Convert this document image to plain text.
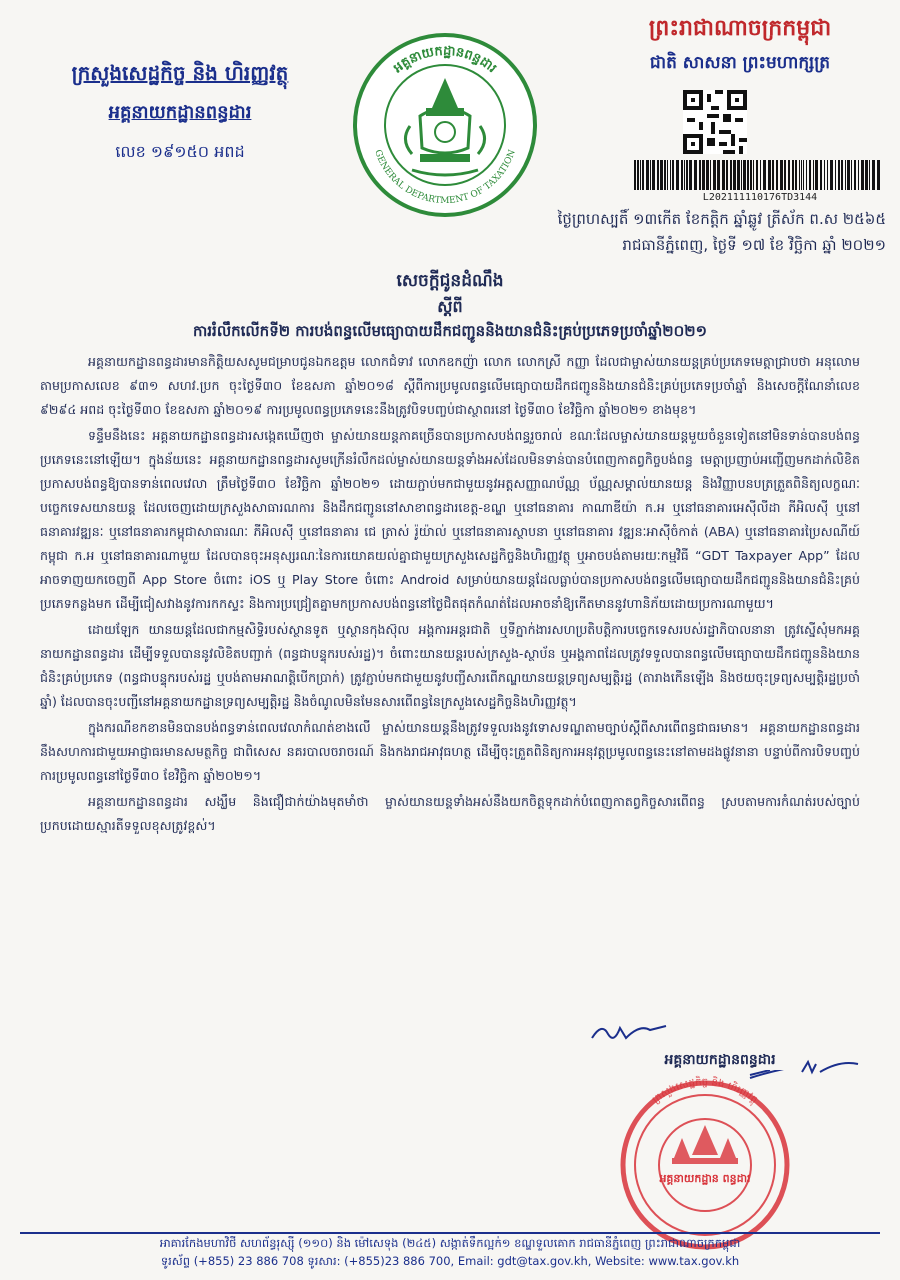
ក្រសួងសេដ្ឋកិច្ច និង ហិរញ្ញវត្ថុ
អគ្គនាយកដ្ឋានពន្ធដារ
លេខ ១៩១៥០ អពដ
អគ្គនាយកដ្ឋានពន្ធដារ
GENERAL DEPARTMENT OF TAXATION
ព្រះរាជាណាចក្រកម្ពុជា
ជាតិ សាសនា ព្រះមហាក្សត្រ
L202111110176TD3144
ថ្ងៃព្រហស្បតិ៍ ១៣កើត ខែកត្តិក ឆ្នាំឆ្លូវ ត្រីស័ក ព.ស ២៥៦៥
រាជធានីភ្នំពេញ, ថ្ងៃទី ១៧ ខែ វិច្ឆិកា ឆ្នាំ ២០២១
សេចក្តីជូនដំណឹង
ស្តីពី
ការរំលឹកលើកទី២ ការបង់ពន្ធលើមធ្យោបាយដឹកជញ្ជូននិងយានជំនិះគ្រប់ប្រភេទប្រចាំឆ្នាំ២០២១

អគ្គនាយកដ្ឋានពន្ធដារមានកិត្តិយសសូមជម្រាបជូនឯកឧត្តម លោកជំទាវ លោកឧកញ៉ា លោក លោកស្រី កញ្ញា ដែលជាម្ចាស់យានយន្តគ្រប់ប្រភេទមេត្តាជ្រាបថា អនុលោមតាមប្រកាសលេខ ៩៣១ សហវ.ប្រក ចុះថ្ងៃទី៣០ ខែឧសភា ឆ្នាំ២០១៨ ស្តីពីការប្រមូលពន្ធលើមធ្យោបាយដឹកជញ្ជូននិងយានជំនិះគ្រប់ប្រភេទប្រចាំឆ្នាំ និងសេចក្តីណែនាំលេខ ៩២៩៤ អពដ ចុះថ្ងៃទី៣០ ខែឧសភា ឆ្នាំ២០១៩ ការប្រមូលពន្ធប្រភេទនេះនឹងត្រូវបិទបញ្ចប់ជាស្ថាពរនៅ ថ្ងៃទី៣០ ខែវិច្ឆិកា ឆ្នាំ២០២១ ខាងមុខ។

ទន្ទឹមនឹងនេះ អគ្គនាយកដ្ឋានពន្ធដារសង្កេតឃើញថា ម្ចាស់យានយន្តភាគច្រើនបានប្រកាសបង់ពន្ធរួចរាល់ ខណៈដែលម្ចាស់យានយន្តមួយចំនួនទៀតនៅមិនទាន់បានបង់ពន្ធប្រភេទនេះនៅឡើយ។ ក្នុងន័យនេះ អគ្គនាយកដ្ឋានពន្ធដារសូមក្រើនរំលឹកដល់ម្ចាស់យានយន្តទាំងអស់ដែលមិនទាន់បានបំពេញកាតព្វកិច្ចបង់ពន្ធ មេត្តាប្រញាប់អញ្ជើញមកដាក់លិខិតប្រកាសបង់ពន្ធឱ្យបានទាន់ពេលវេលា ត្រឹមថ្ងៃទី៣០ ខែវិច្ឆិកា ឆ្នាំ២០២១ ដោយភ្ជាប់មកជាមួយនូវអត្តសញ្ញាណប័ណ្ណ ប័ណ្ណសម្គាល់យានយន្ត និងវិញ្ញាបនបត្រត្រួតពិនិត្យលក្ខណៈបច្ចេកទេសយានយន្ត ដែលចេញដោយក្រសួងសាធារណការ និងដឹកជញ្ជូននៅសាខាពន្ធដារខេត្ត-ខណ្ឌ ឬនៅធនាគារ កាណាឌីយ៉ា ក.អ ឬនៅធនាគារអេស៊ីលីដា ភីអិលស៊ី ឬនៅធនាគារវឌ្ឍនៈ ឬនៅធនាគារកម្ពុជាសាធារណៈ ភីអិលស៊ី ឬនៅធនាគារ ជេ ត្រាស់ រ៉ូយ៉ាល់ ឬនៅធនាគារស្ថាបនា ឬនៅធនាគារ វឌ្ឍនៈអាស៊ីចំកាត់ (ABA) ឬនៅធនាគារប្រៃសណីយ៍កម្ពុជា ក.អ ឬនៅធនាគារណាមួយ ដែលបានចុះអនុស្សរណៈនៃការយោគយល់គ្នាជាមួយក្រសួងសេដ្ឋកិច្ចនិងហិរញ្ញវត្ថុ ឬអាចបង់តាមរយៈកម្មវិធី “GDT Taxpayer App” ដែលអាចទាញយកចេញពី App Store ចំពោះ iOS ឬ Play Store ចំពោះ Android សម្រាប់យានយន្តដែលធ្លាប់បានប្រកាសបង់ពន្ធលើមធ្យោបាយដឹកជញ្ជូននិងយានជំនិះគ្រប់ប្រភេទកន្លងមក ដើម្បីជៀសវាងនូវការកកស្ទះ និងការប្រជ្រៀតគ្នាមកប្រកាសបង់ពន្ធនៅថ្ងៃជិតផុតកំណត់ដែលអាចនាំឱ្យកើតមាននូវហានិភ័យដោយប្រការណាមួយ។

ដោយឡែក យានយន្តដែលជាកម្មសិទ្ធិរបស់ស្ថានទូត ឬស្ថានកុងស៊ុល អង្គការអន្តរជាតិ ឬទីភ្នាក់ងារសហប្រតិបត្តិការបច្ចេកទេសរបស់រដ្ឋាភិបាលនានា ត្រូវស្នើសុំមកអគ្គនាយកដ្ឋានពន្ធដារ ដើម្បីទទួលបាននូវលិខិតបញ្ជាក់ (ពន្ធជាបន្ទុករបស់រដ្ឋ)។ ចំពោះយានយន្តរបស់ក្រសួង-ស្ថាប័ន ឬអង្គភាពដែលត្រូវទទួលបានពន្ធលើមធ្យោបាយដឹកជញ្ជូននិងយានជំនិះគ្រប់ប្រភេទ (ពន្ធជាបន្ទុករបស់រដ្ឋ ឬបង់តាមអាណត្តិបើកប្រាក់) ត្រូវភ្ជាប់មកជាមួយនូវបញ្ជីសារពើភណ្ឌយានយន្តទ្រព្យសម្បត្តិរដ្ឋ (តារាងកើនឡើង និងថយចុះទ្រព្យសម្បត្តិរដ្ឋប្រចាំឆ្នាំ) ដែលបានចុះបញ្ជីនៅអគ្គនាយកដ្ឋានទ្រព្យសម្បត្តិរដ្ឋ និងចំណូលមិនមែនសារពើពន្ធនៃក្រសួងសេដ្ឋកិច្ចនិងហិរញ្ញវត្ថុ។

ក្នុងករណីខកខានមិនបានបង់ពន្ធទាន់ពេលវេលាកំណត់ខាងលើ ម្ចាស់យានយន្តនឹងត្រូវទទួលរងនូវទោសទណ្ឌតាមច្បាប់ស្តីពីសារពើពន្ធជាធរមាន។ អគ្គនាយកដ្ឋានពន្ធដារនឹងសហការជាមួយអាជ្ញាធរមានសមត្ថកិច្ច ជាពិសេស នគរបាលចរាចរណ៍ និងកងរាជអាវុធហត្ថ ដើម្បីចុះត្រួតពិនិត្យការអនុវត្តប្រមូលពន្ធនេះនៅតាមដងផ្លូវនានា បន្ទាប់ពីការបិទបញ្ចប់ការប្រមូលពន្ធនៅថ្ងៃទី៣០ ខែវិច្ឆិកា ឆ្នាំ២០២១។

អគ្គនាយកដ្ឋានពន្ធដារ សង្ឃឹម និងជឿជាក់យ៉ាងមុតមាំថា ម្ចាស់យានយន្តទាំងអស់នឹងយកចិត្តទុកដាក់បំពេញកាតព្វកិច្ចសារពើពន្ធ ស្របតាមការកំណត់របស់ច្បាប់ ប្រកបដោយស្មារតីទទួលខុសត្រូវខ្ពស់។

អគ្គនាយកដ្ឋានពន្ធដារ
អគ្គនាយកដ្ឋាន ពន្ធដារ
ក្រសួងសេដ្ឋកិច្ច និង ហិរញ្ញវត្ថុ
អាគារកែងមហាវិថី សហព័ន្ធរុស្ស៊ី (១១០) និង ម៉ៅសេទុង (២៤៥) សង្កាត់ទឹកល្អក់១ ខណ្ឌទួលគោក រាជធានីភ្នំពេញ ព្រះរាជាណាចក្រកម្ពុជា
ទូរស័ព្ទ (+855) 23 886 708 ទូរសារ: (+855)23 886 700, Email: gdt@tax.gov.kh, Website: www.tax.gov.kh
